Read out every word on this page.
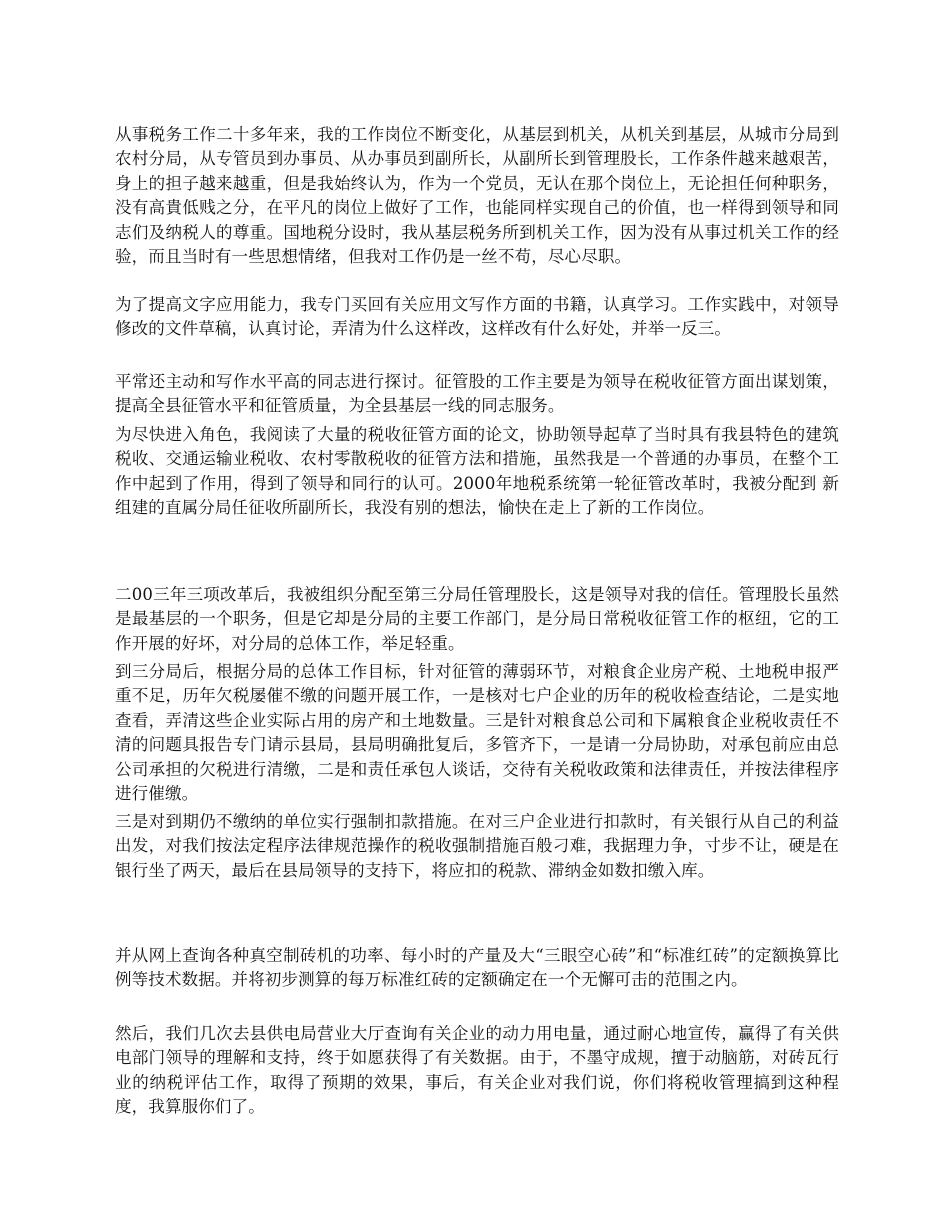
从事税务工作二十多年来，我的工作岗位不断变化，从基层到机关，从机关到基层，从城市分局到农村分局，从专管员到办事员、从办事员到副所长，从副所长到管理股长，工作条件越来越艰苦，身上的担子越来越重，但是我始终认为，作为一个党员，无认在那个岗位上，无论担任何种职务，没有高貴低贱之分，在平凡的岗位上做好了工作，也能同样实现自己的价值，也一样得到领导和同志们及纳税人的尊重。国地税分设时，我从基层税务所到机关工作，因为没有从事过机关工作的经验，而且当时有一些思想情绪，但我对工作仍是一丝不苟，尽心尽职。

为了提高文字应用能力，我专门买回有关应用文写作方面的书籍，认真学习。工作实践中，对领导修改的文件草稿，认真讨论，弄清为什么这样改，这样改有什么好处，并举一反三。

平常还主动和写作水平高的同志进行探讨。征管股的工作主要是为领导在税收征管方面出谋划策，提高全县征管水平和征管质量，为全县基层一线的同志服务。

为尽快进入角色，我阅读了大量的税收征管方面的论文，协助领导起草了当时具有我县特色的建筑税收、交通运输业税收、农村零散税收的征管方法和措施，虽然我是一个普通的办事员，在整个工作中起到了作用，得到了领导和同行的认可。2000年地税系统第一轮征管改革时，我被分配到 新组建的直属分局任征收所副所长，我没有别的想法，愉快在走上了新的工作岗位。

二00三年三项改革后，我被组织分配至第三分局任管理股长，这是领导对我的信任。管理股长虽然是最基层的一个职务，但是它却是分局的主要工作部门，是分局日常税收征管工作的枢纽，它的工作开展的好坏，对分局的总体工作，举足轻重。

到三分局后，根据分局的总体工作目标，针对征管的薄弱环节，对粮食企业房产税、土地税申报严重不足，历年欠税屡催不缴的问题开展工作，一是核对七户企业的历年的税收检查结论，二是实地查看，弄清这些企业实际占用的房产和土地数量。三是针对粮食总公司和下属粮食企业税收责任不清的问题具报告专门请示县局，县局明确批复后，多管齐下，一是请一分局协助，对承包前应由总公司承担的欠税进行清缴，二是和责任承包人谈话，交待有关税收政策和法律责任，并按法律程序进行催缴。

三是对到期仍不缴纳的单位实行强制扣款措施。在对三户企业进行扣款时，有关银行从自己的利益出发，对我们按法定程序法律规范操作的税收强制措施百般刁难，我据理力争，寸步不让，硬是在银行坐了两天，最后在县局领导的支持下，将应扣的税款、滞纳金如数扣缴入库。

并从网上查询各种真空制砖机的功率、每小时的产量及大“三眼空心砖”和“标准红砖”的定额换算比例等技术数据。并将初步测算的每万标准红砖的定额确定在一个无懈可击的范围之内。

然后，我们几次去县供电局营业大厅查询有关企业的动力用电量，通过耐心地宣传，赢得了有关供电部门领导的理解和支持，终于如愿获得了有关数据。由于，不墨守成规，擅于动脑筋，对砖瓦行业的纳税评估工作，取得了预期的效果，事后，有关企业对我们说，你们将税收管理搞到这种程度，我算服你们了。
